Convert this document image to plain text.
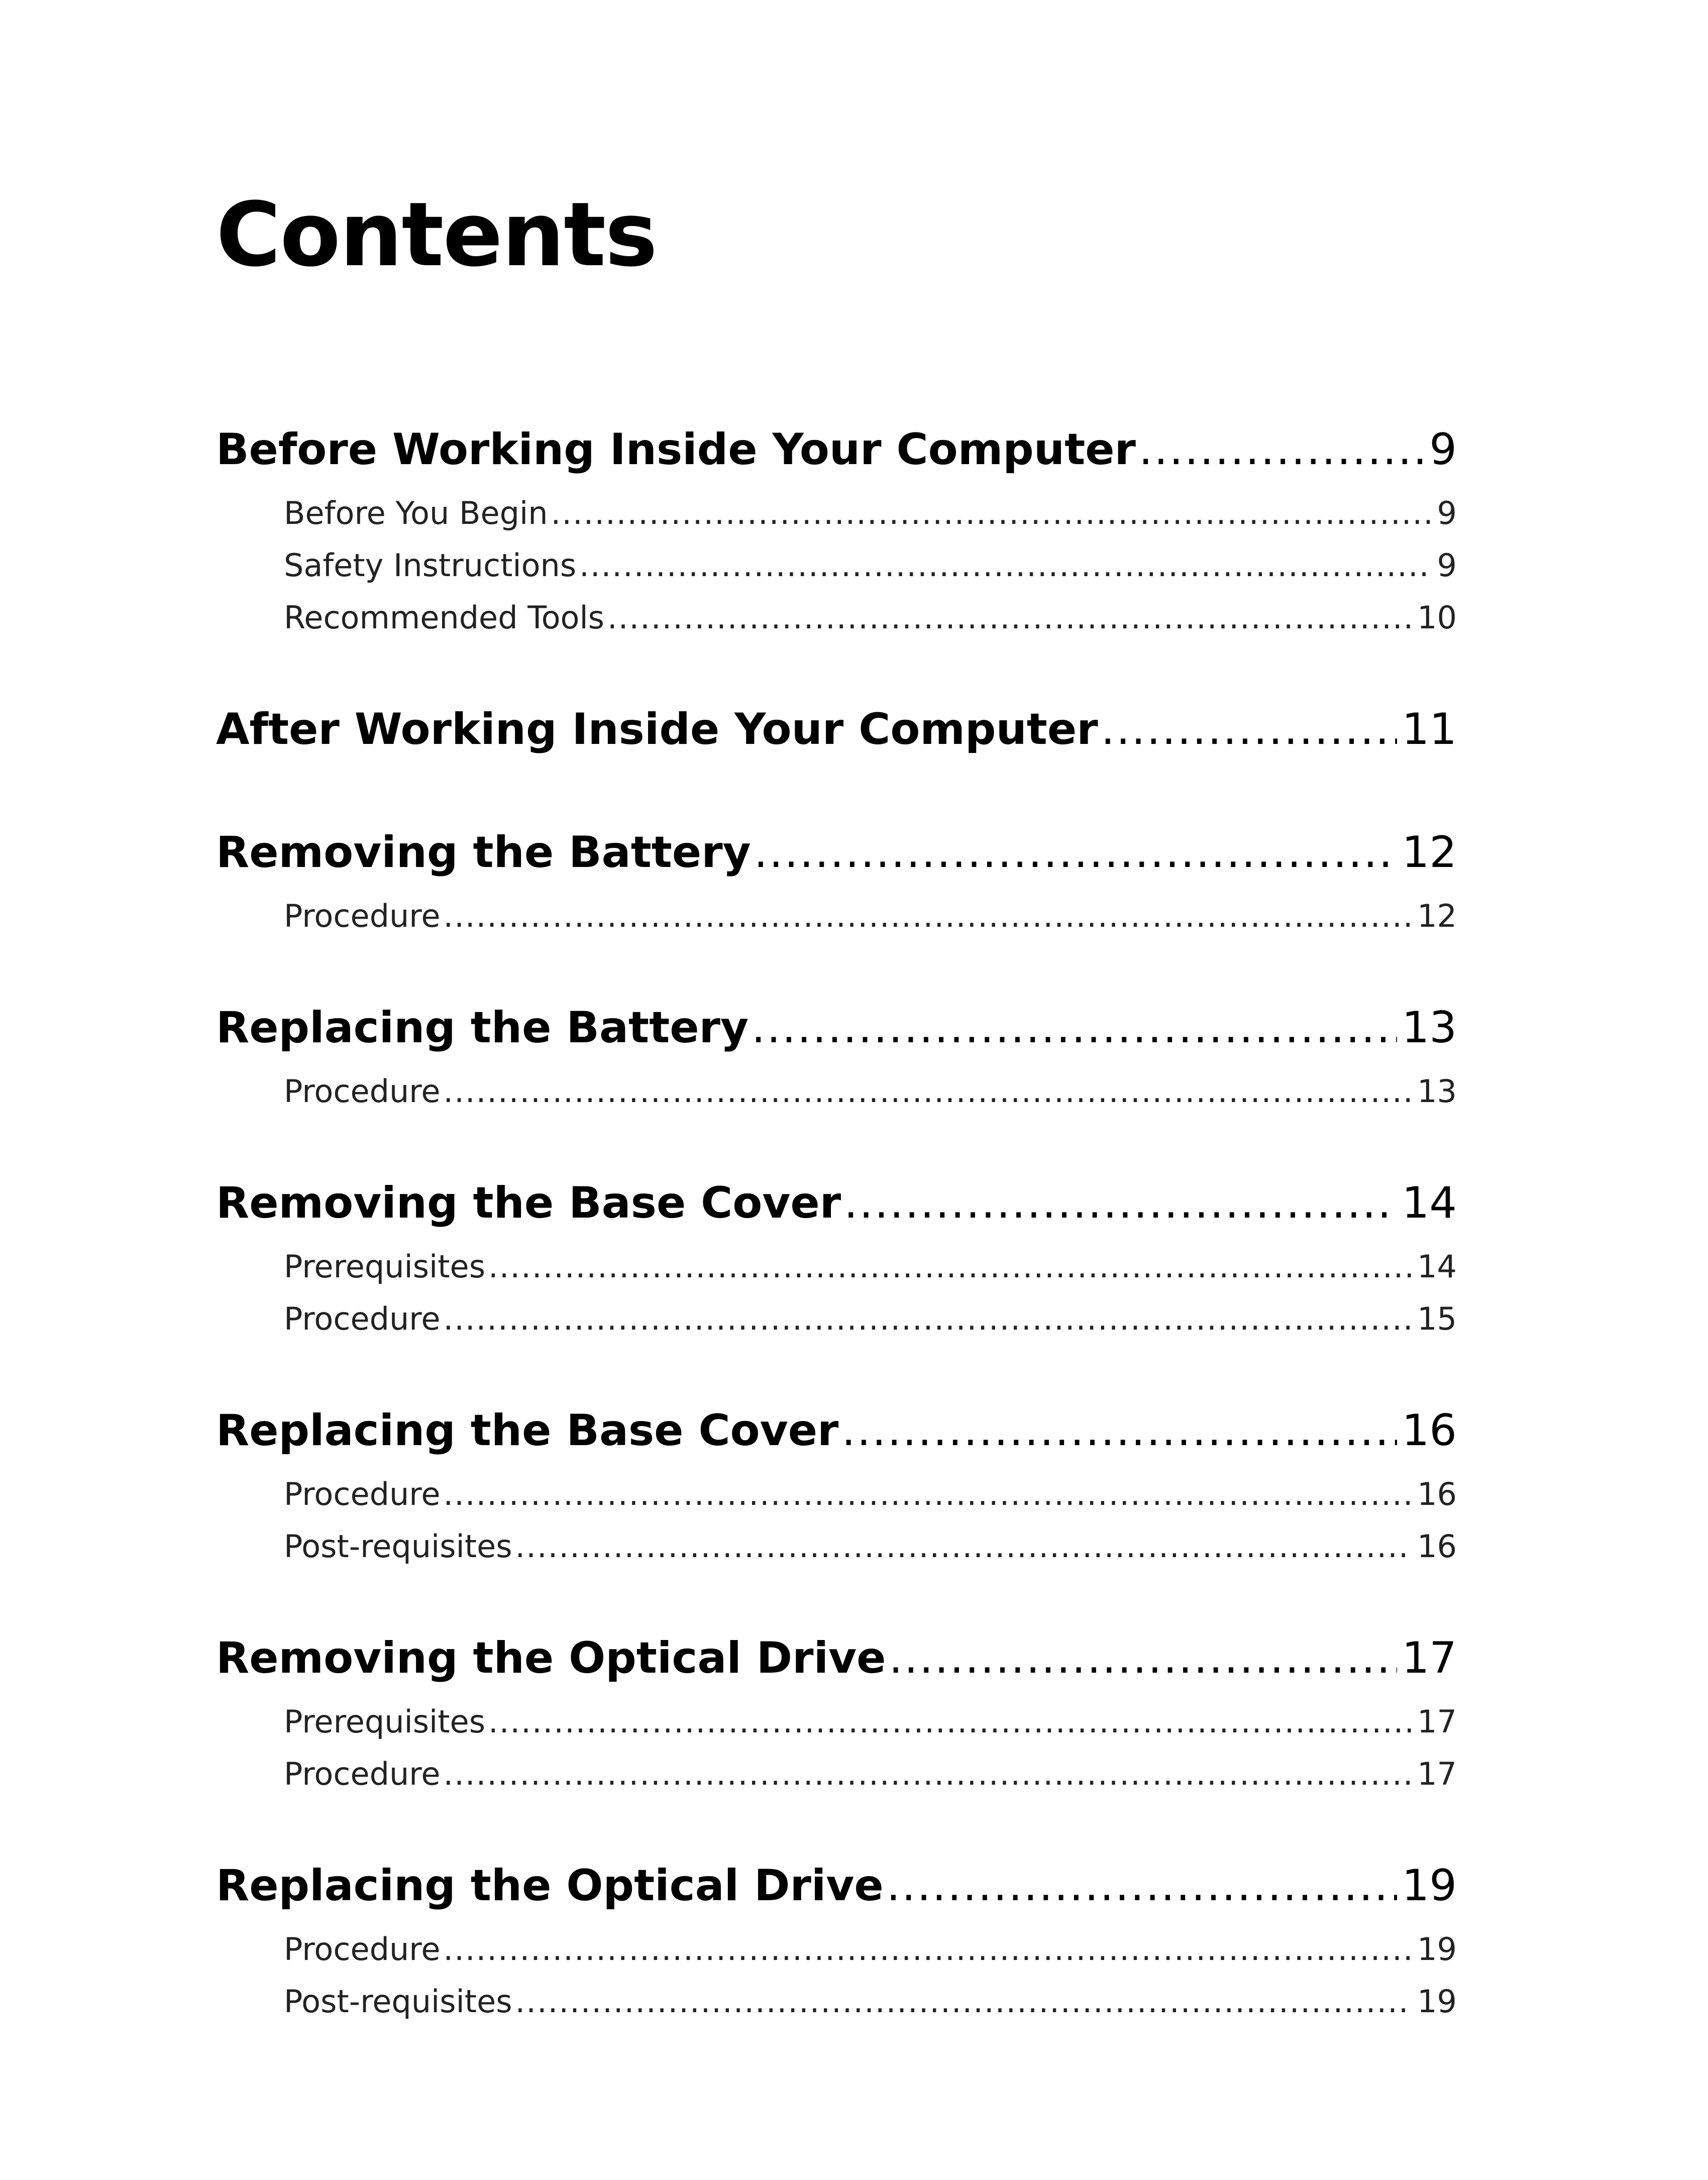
Contents
Before Working Inside Your Computer .....	9
Before You Begin .....	9
Safety Instructions .....	9
Recommended Tools .....	10
After Working Inside Your Computer .....	11
Removing the Battery .....	12
Procedure .....	12
Replacing the Battery .....	13
Procedure .....	13
Removing the Base Cover .....	14
Prerequisites .....	14
Procedure .....	15
Replacing the Base Cover .....	16
Procedure .....	16
Post-requisites .....	16
Removing the Optical Drive .....	17
Prerequisites .....	17
Procedure .....	17
Replacing the Optical Drive .....	19
Procedure .....	19
Post-requisites .....	19
